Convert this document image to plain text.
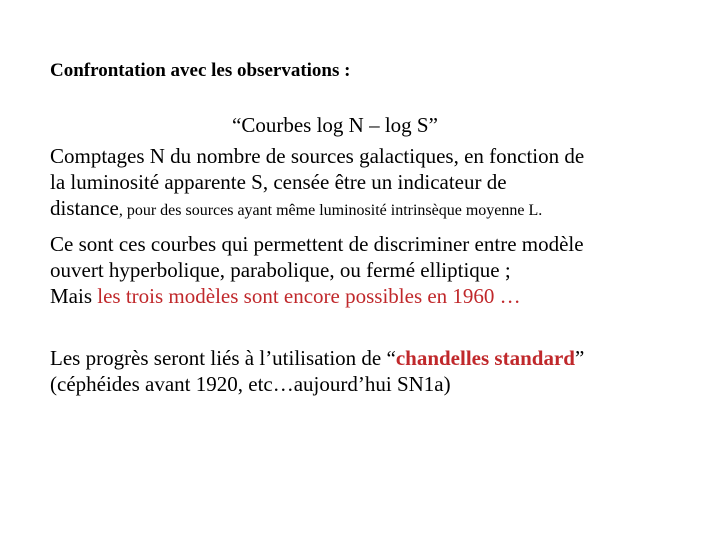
Confrontation avec les observations :
“Courbes log N – log S”
Comptages N du nombre de sources galactiques, en fonction de
la luminosité apparente S, censée être un indicateur de
distance, pour des sources ayant même luminosité intrinsèque moyenne L.
Ce sont ces courbes qui permettent de discriminer entre modèle
ouvert hyperbolique, parabolique, ou fermé elliptique ;
Mais les trois modèles sont encore possibles en 1960 …
Les progrès seront liés à l’utilisation de “chandelles standard”
(céphéides avant 1920, etc…aujourd’hui SN1a)
